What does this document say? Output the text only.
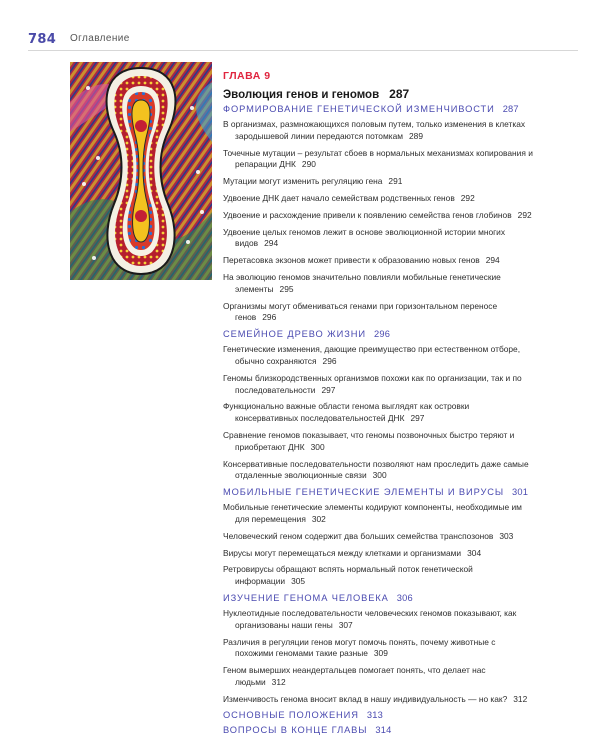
784 Оглавление
ГЛАВА 9
Эволюция генов и геномов 287
ФОРМИРОВАНИЕ ГЕНЕТИЧЕСКОЙ ИЗМЕНЧИВОСТИ 287
В организмах, размножающихся половым путем, только изменения в клетках зародышевой линии передаются потомкам 289
Точечные мутации – результат сбоев в нормальных механизмах копирования и репарации ДНК 290
Мутации могут изменить регуляцию гена 291
Удвоение ДНК дает начало семействам родственных генов 292
Удвоение и расхождение привели к появлению семейства генов глобинов 292
Удвоение целых геномов лежит в основе эволюционной истории многих видов 294
Перетасовка экзонов может привести к образованию новых генов 294
На эволюцию геномов значительно повлияли мобильные генетические элементы 295
Организмы могут обмениваться генами при горизонтальном переносе генов 296
СЕМЕЙНОЕ ДРЕВО ЖИЗНИ 296
Генетические изменения, дающие преимущество при естественном отборе, обычно сохраняются 296
Геномы близкородственных организмов похожи как по организации, так и по последовательности 297
Функционально важные области генома выглядят как островки консервативных последовательностей ДНК 297
Сравнение геномов показывает, что геномы позвоночных быстро теряют и приобретают ДНК 300
Консервативные последовательности позволяют нам проследить даже самые отдаленные эволюционные связи 300
МОБИЛЬНЫЕ ГЕНЕТИЧЕСКИЕ ЭЛЕМЕНТЫ И ВИРУСЫ 301
Мобильные генетические элементы кодируют компоненты, необходимые им для перемещения 302
Человеческий геном содержит два больших семейства транспозонов 303
Вирусы могут перемещаться между клетками и организмами 304
Ретровирусы обращают вспять нормальный поток генетической информации 305
ИЗУЧЕНИЕ ГЕНОМА ЧЕЛОВЕКА 306
Нуклеотидные последовательности человеческих геномов показывают, как организованы наши гены 307
Различия в регуляции генов могут помочь понять, почему животные с похожими геномами такие разные 309
Геном вымерших неандертальцев помогает понять, что делает нас людьми 312
Изменчивость генома вносит вклад в нашу индивидуальность — но как? 312
ОСНОВНЫЕ ПОЛОЖЕНИЯ 313
ВОПРОСЫ В КОНЦЕ ГЛАВЫ 314
